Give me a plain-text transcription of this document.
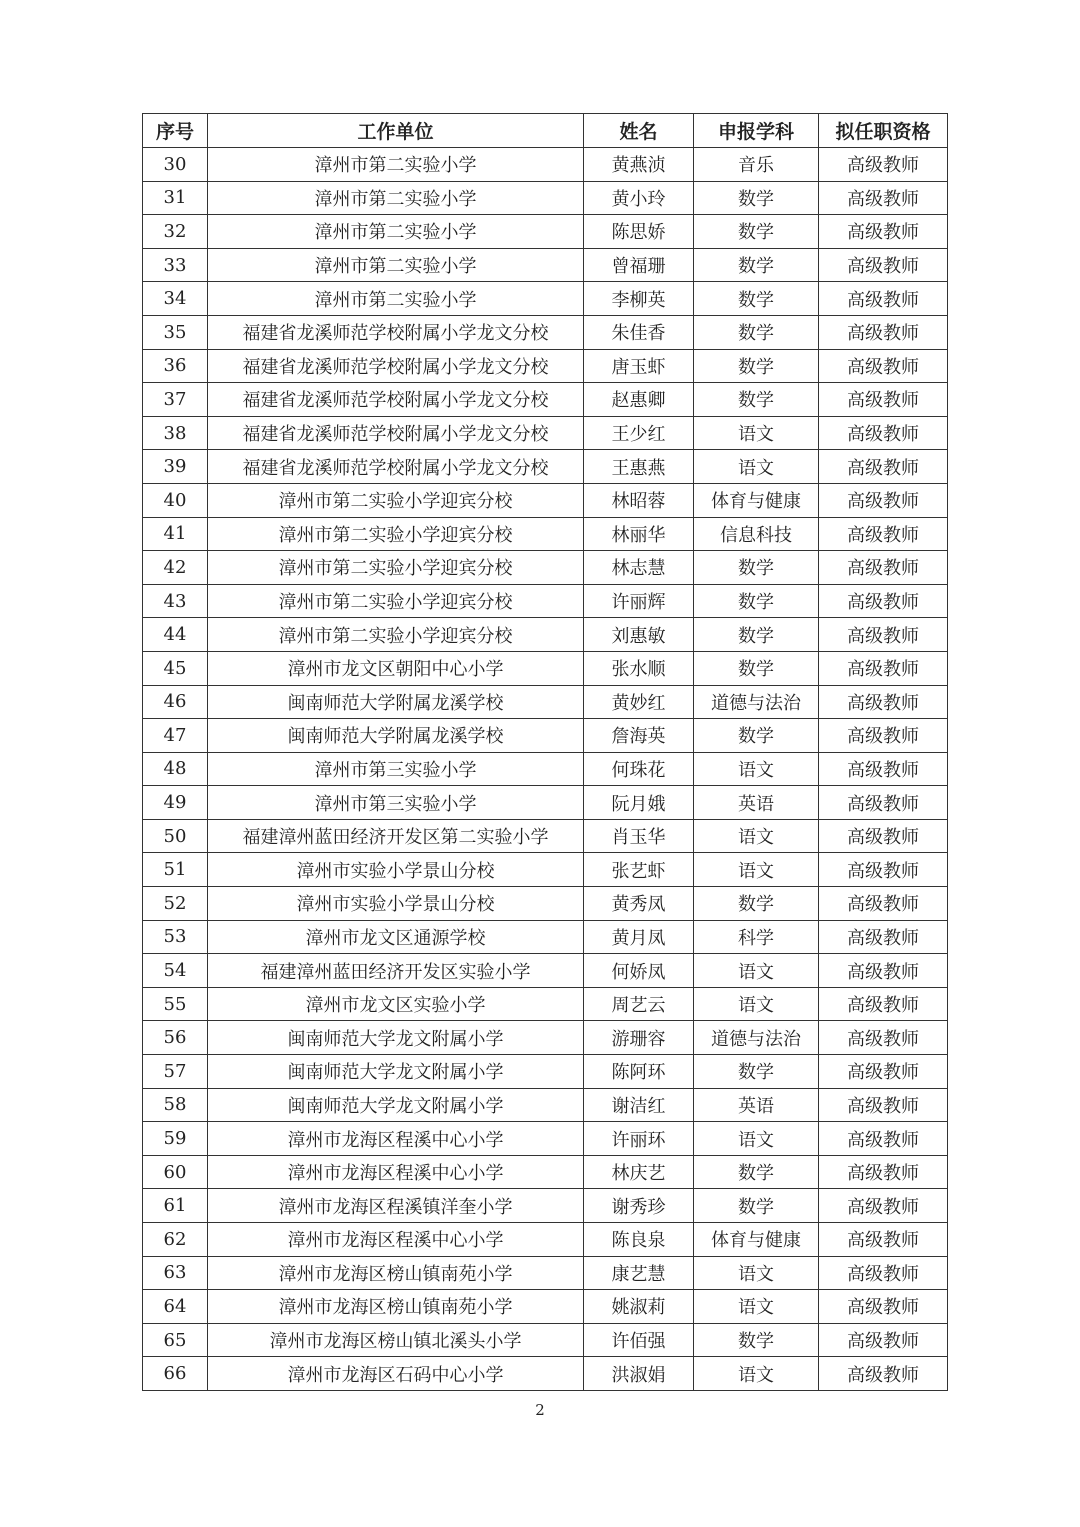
序号	工作单位	姓名	申报学科	拟任职资格
30	漳州市第二实验小学	黄燕浈	音乐	高级教师
31	漳州市第二实验小学	黄小玲	数学	高级教师
32	漳州市第二实验小学	陈思娇	数学	高级教师
33	漳州市第二实验小学	曾福珊	数学	高级教师
34	漳州市第二实验小学	李柳英	数学	高级教师
35	福建省龙溪师范学校附属小学龙文分校	朱佳香	数学	高级教师
36	福建省龙溪师范学校附属小学龙文分校	唐玉虾	数学	高级教师
37	福建省龙溪师范学校附属小学龙文分校	赵惠卿	数学	高级教师
38	福建省龙溪师范学校附属小学龙文分校	王少红	语文	高级教师
39	福建省龙溪师范学校附属小学龙文分校	王惠燕	语文	高级教师
40	漳州市第二实验小学迎宾分校	林昭蓉	体育与健康	高级教师
41	漳州市第二实验小学迎宾分校	林丽华	信息科技	高级教师
42	漳州市第二实验小学迎宾分校	林志慧	数学	高级教师
43	漳州市第二实验小学迎宾分校	许丽辉	数学	高级教师
44	漳州市第二实验小学迎宾分校	刘惠敏	数学	高级教师
45	漳州市龙文区朝阳中心小学	张水顺	数学	高级教师
46	闽南师范大学附属龙溪学校	黄妙红	道德与法治	高级教师
47	闽南师范大学附属龙溪学校	詹海英	数学	高级教师
48	漳州市第三实验小学	何珠花	语文	高级教师
49	漳州市第三实验小学	阮月娥	英语	高级教师
50	福建漳州蓝田经济开发区第二实验小学	肖玉华	语文	高级教师
51	漳州市实验小学景山分校	张艺虾	语文	高级教师
52	漳州市实验小学景山分校	黄秀凤	数学	高级教师
53	漳州市龙文区通源学校	黄月凤	科学	高级教师
54	福建漳州蓝田经济开发区实验小学	何娇凤	语文	高级教师
55	漳州市龙文区实验小学	周艺云	语文	高级教师
56	闽南师范大学龙文附属小学	游珊容	道德与法治	高级教师
57	闽南师范大学龙文附属小学	陈阿环	数学	高级教师
58	闽南师范大学龙文附属小学	谢洁红	英语	高级教师
59	漳州市龙海区程溪中心小学	许丽环	语文	高级教师
60	漳州市龙海区程溪中心小学	林庆艺	数学	高级教师
61	漳州市龙海区程溪镇洋奎小学	谢秀珍	数学	高级教师
62	漳州市龙海区程溪中心小学	陈良泉	体育与健康	高级教师
63	漳州市龙海区榜山镇南苑小学	康艺慧	语文	高级教师
64	漳州市龙海区榜山镇南苑小学	姚淑莉	语文	高级教师
65	漳州市龙海区榜山镇北溪头小学	许佰强	数学	高级教师
66	漳州市龙海区石码中心小学	洪淑娟	语文	高级教师
2
